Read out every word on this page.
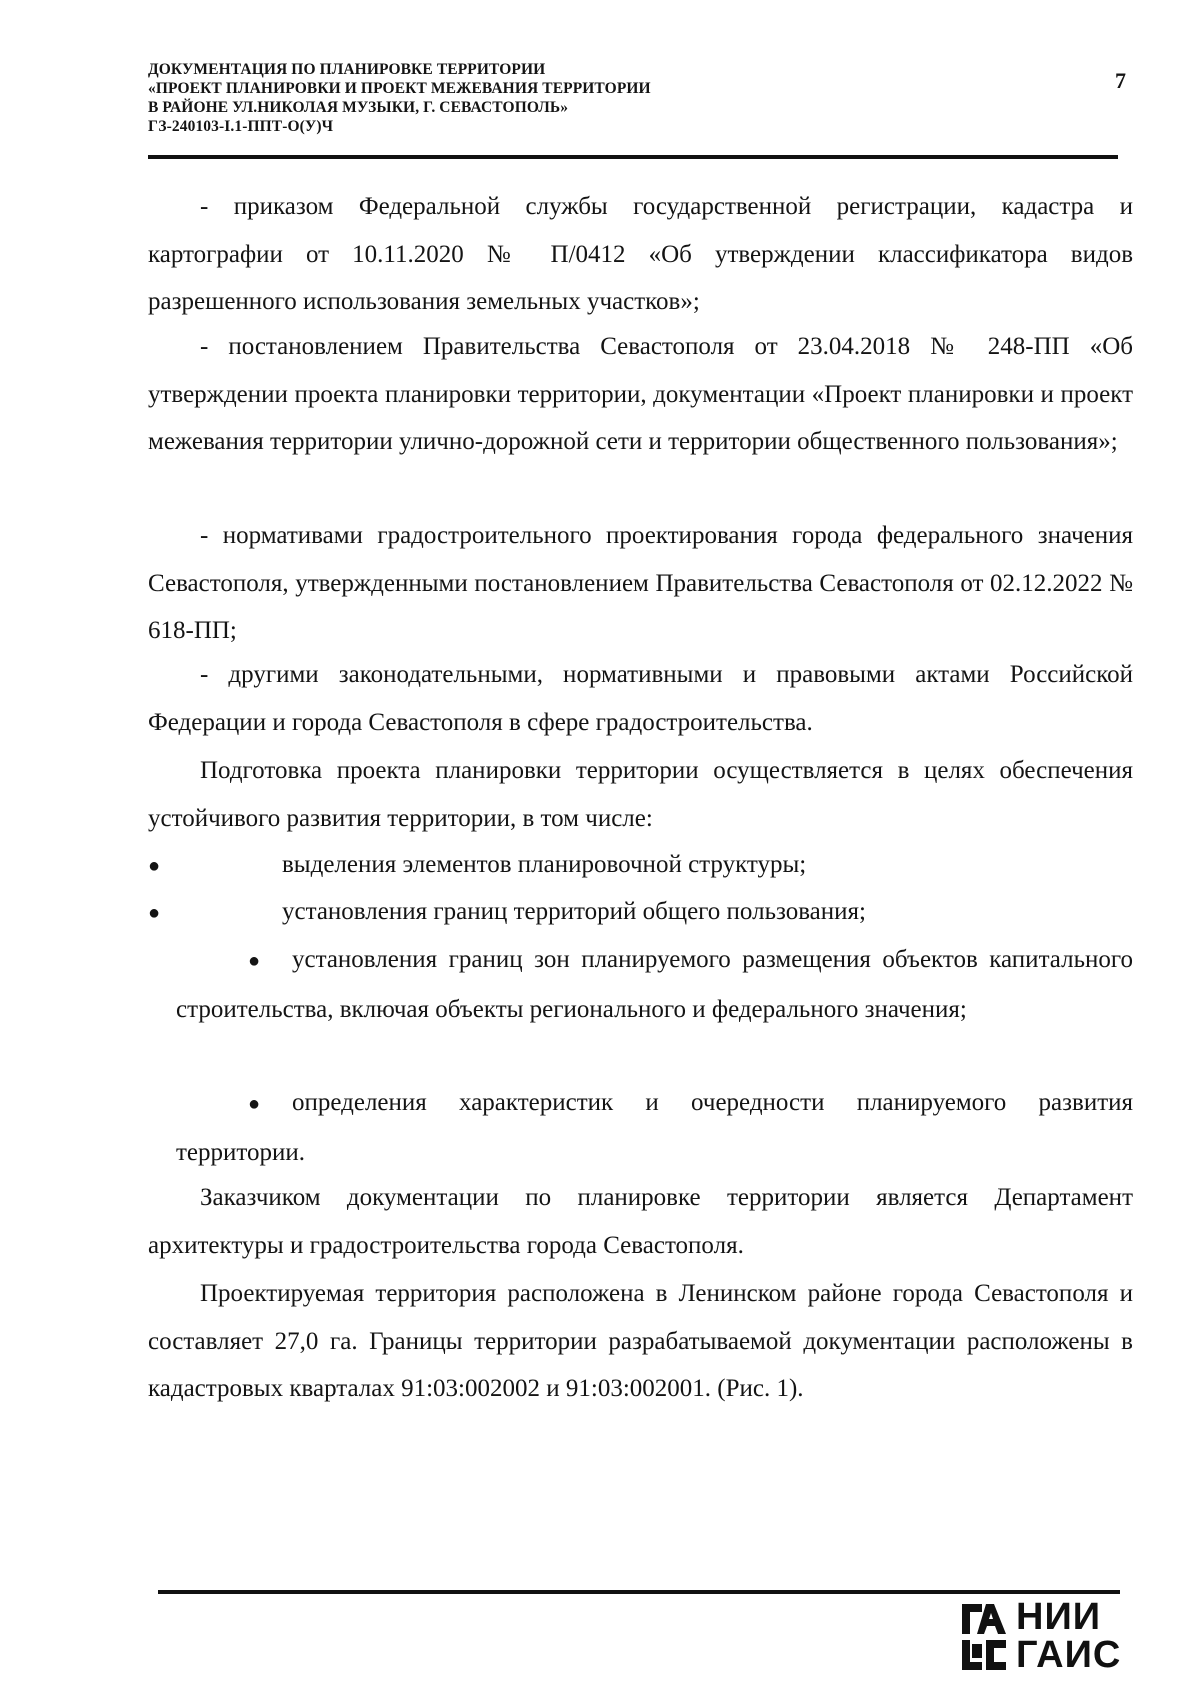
ДОКУМЕНТАЦИЯ ПО ПЛАНИРОВКЕ ТЕРРИТОРИИ
«ПРОЕКТ ПЛАНИРОВКИ И ПРОЕКТ МЕЖЕВАНИЯ ТЕРРИТОРИИ
В РАЙОНЕ УЛ.НИКОЛАЯ МУЗЫКИ, Г. СЕВАСТОПОЛЬ»
ГЗ-240103-I.1-ППТ-О(У)Ч
7
- приказом Федеральной службы государственной регистрации, кадастра и картографии от 10.11.2020 № П/0412 «Об утверждении классификатора видов разрешенного использования земельных участков»;
- постановлением Правительства Севастополя от 23.04.2018 № 248-ПП «Об утверждении проекта планировки территории, документации «Проект планировки и проект межевания территории улично-дорожной сети и территории общественного пользования»;
- нормативами градостроительного проектирования города федерального значения Севастополя, утвержденными постановлением Правительства Севастополя от 02.12.2022 № 618-ПП;
- другими законодательными, нормативными и правовыми актами Российской Федерации и города Севастополя в сфере градостроительства.
Подготовка проекта планировки территории осуществляется в целях обеспечения устойчивого развития территории, в том числе:
●	выделения элементов планировочной структуры;
●	установления границ территорий общего пользования;
● установления границ зон планируемого размещения объектов капитального строительства, включая объекты регионального и федерального значения;
● определения характеристик и очередности планируемого развития территории.
Заказчиком документации по планировке территории является Департамент архитектуры и градостроительства города Севастополя.
Проектируемая территория расположена в Ленинском районе города Севастополя и составляет 27,0 га. Границы территории разрабатываемой документации расположены в кадастровых кварталах 91:03:002002 и 91:03:002001. (Рис. 1).
НИИ
ГАИС
